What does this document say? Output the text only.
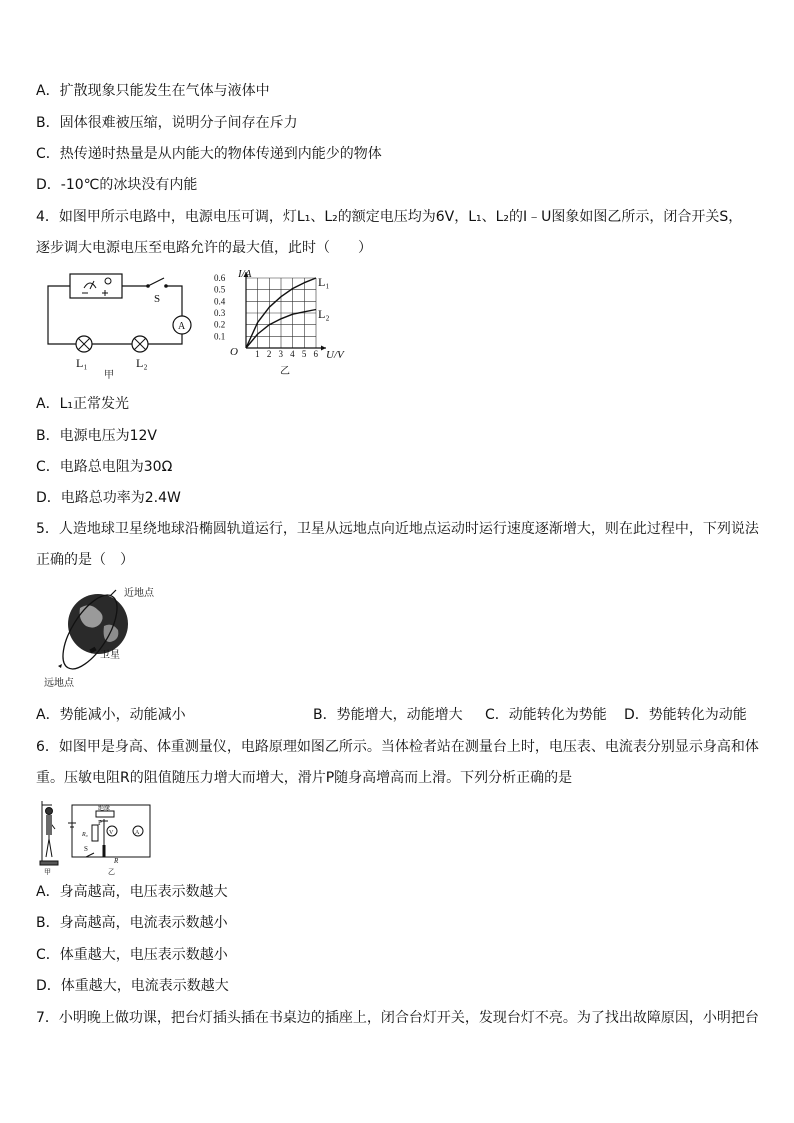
A．扩散现象只能发生在气体与液体中
B．固体很难被压缩，说明分子间存在斥力
C．热传递时热量是从内能大的物体传递到内能少的物体
D．-10℃的冰块没有内能
4．如图甲所示电路中，电源电压可调，灯L₁、L₂的额定电压均为6V，L₁、L₂的I﹣U图象如图乙所示，闭合开关S，
逐步调大电源电压至电路允许的最大值，此时（　　）
S
A
L₁	L₂
甲
1 2 3 4 5 6
0.1
0.2
0.3
0.4
0.5
0.6 I/A
U/V
O
L₁
L₂
乙
A．L₁正常发光
B．电源电压为12V
C．电路总电阻为30Ω
D．电路总功率为2.4W
5．人造地球卫星绕地球沿椭圆轨道运行，卫星从远地点向近地点运动时运行速度逐渐增大，则在此过程中，下列说法
正确的是（　）
近地点
卫星
远地点
A．势能减小，动能减小	B．势能增大，动能增大 C．动能转化为势能 D．势能转化为动能
6．如图甲是身高、体重测量仪，电路原理如图乙所示。当体检者站在测量台上时，电压表、电流表分别显示身高和体
重。压敏电阻R的阻值随压力增大而增大，滑片P随身高增高而上滑。下列分析正确的是
V	A
绝缘
P
R₀
R
S
甲	乙
A．身高越高，电压表示数越大
B．身高越高，电流表示数越小
C．体重越大，电压表示数越小
D．体重越大，电流表示数越大
7．小明晚上做功课，把台灯插头插在书桌边的插座上，闭合台灯开关，发现台灯不亮。为了找出故障原因，小明把台
